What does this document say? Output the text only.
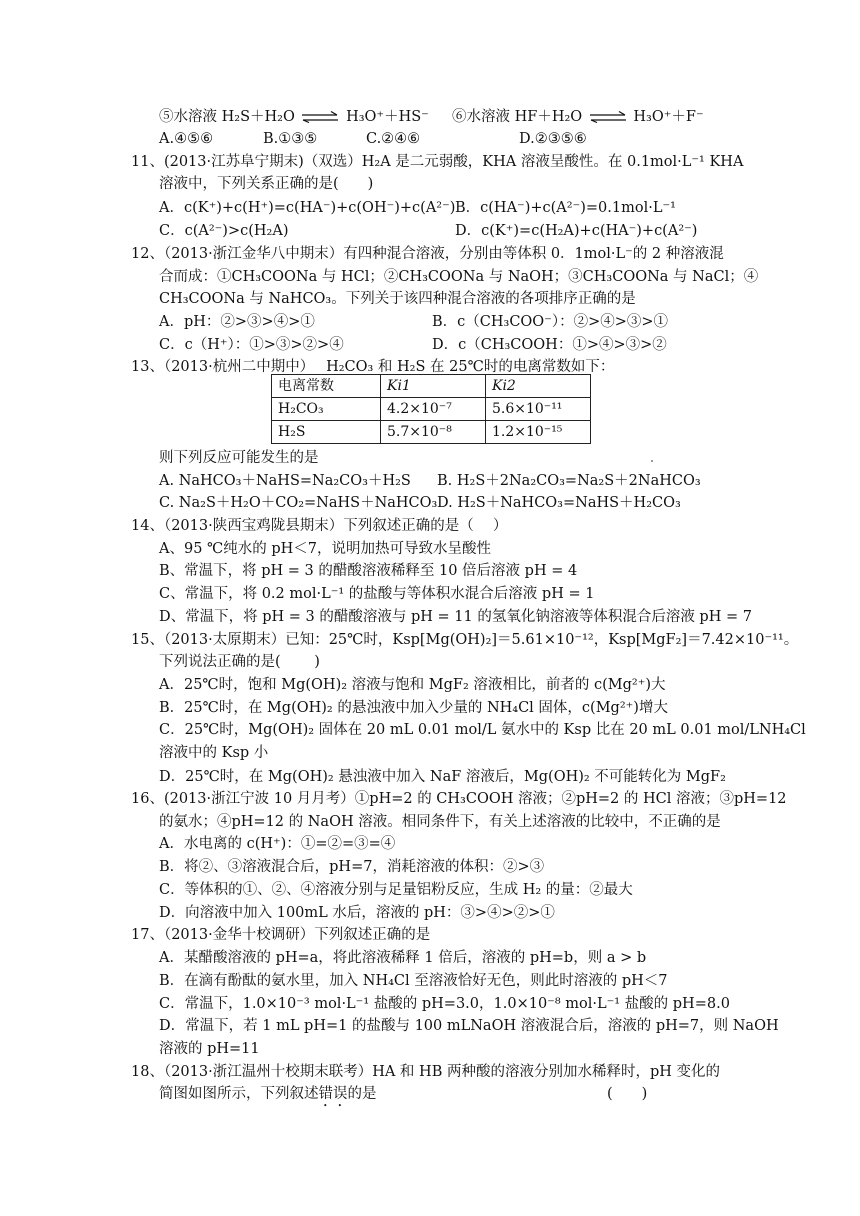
⑤水溶液 H₂S＋H₂O ⇌ H₃O⁺＋HS⁻ ⑥水溶液 HF＋H₂O ⇌ H₃O⁺＋F⁻
A.④⑤⑥	B.①③⑤	C.②④⑥	D.②③⑤⑥
11、(2013·江苏阜宁期末)（双选）H₂A 是二元弱酸，KHA 溶液呈酸性。在 0.1mol·L⁻¹ KHA
溶液中，下列关系正确的是(　　)
A．c(K⁺)+c(H⁺)=c(HA⁻)+c(OH⁻)+c(A²⁻) B．c(HA⁻)+c(A²⁻)=0.1mol·L⁻¹
C．c(A²⁻)>c(H₂A)	D．c(K⁺)=c(H₂A)+c(HA⁻)+c(A²⁻)
12、（2013·浙江金华八中期末）有四种混合溶液，分别由等体积 0．1mol·L⁻的 2 种溶液混
合而成：①CH₃COONa 与 HCl；②CH₃COONa 与 NaOH；③CH₃COONa 与 NaCl；④
CH₃COONa 与 NaHCO₃。下列关于该四种混合溶液的各项排序正确的是
A．pH：②>③>④>①	B．c（CH₃COO⁻）：②>④>③>①
C．c（H⁺）：①>③>②>④	D．c（CH₃COOH：①>④>③>②
13、（2013·杭州二中期中）　 H₂CO₃ 和 H₂S 在 25℃时的电离常数如下：
电离常数	Ki1	Ki2
H₂CO₃	4.2×10⁻⁷	5.6×10⁻¹¹
H₂S	5.7×10⁻⁸	1.2×10⁻¹⁵
则下列反应可能发生的是
A. NaHCO₃＋NaHS=Na₂CO₃＋H₂S B. H₂S＋2Na₂CO₃=Na₂S＋2NaHCO₃
C. Na₂S＋H₂O＋CO₂=NaHS＋NaHCO₃ D. H₂S＋NaHCO₃=NaHS＋H₂CO₃
14、（2013·陕西宝鸡陇县期末）下列叙述正确的是（　 ）
A、95 ℃纯水的 pH＜7，说明加热可导致水呈酸性
B、常温下，将 pH = 3 的醋酸溶液稀释至 10 倍后溶液 pH = 4
C、常温下，将 0.2 mol·L⁻¹ 的盐酸与等体积水混合后溶液 pH = 1
D、常温下，将 pH = 3 的醋酸溶液与 pH = 11 的氢氧化钠溶液等体积混合后溶液 pH = 7
15、（2013·太原期末）已知：25℃时，Ksp[Mg(OH)₂]＝5.61×10⁻¹²，Ksp[MgF₂]＝7.42×10⁻¹¹。
下列说法正确的是(　　 )
A．25℃时，饱和 Mg(OH)₂ 溶液与饱和 MgF₂ 溶液相比，前者的 c(Mg²⁺)大
B．25℃时，在 Mg(OH)₂ 的悬浊液中加入少量的 NH₄Cl 固体，c(Mg²⁺)增大
C．25℃时，Mg(OH)₂ 固体在 20 mL 0.01 mol/L 氨水中的 Ksp 比在 20 mL 0.01 mol/LNH₄Cl
溶液中的 Ksp 小
D．25℃时，在 Mg(OH)₂ 悬浊液中加入 NaF 溶液后，Mg(OH)₂ 不可能转化为 MgF₂
16、(2013·浙江宁波 10 月月考）①pH=2 的 CH₃COOH 溶液；②pH=2 的 HCl 溶液；③pH=12
的氨水；④pH=12 的 NaOH 溶液。相同条件下，有关上述溶液的比较中，不正确的是
A．水电离的 c(H⁺)：①=②=③=④
B．将②、③溶液混合后，pH=7，消耗溶液的体积：②>③
C．等体积的①、②、④溶液分别与足量铝粉反应，生成 H₂ 的量：②最大
D．向溶液中加入 100mL 水后，溶液的 pH：③>④>②>①
17、（2013·金华十校调研）下列叙述正确的是
A．某醋酸溶液的 pH=a，将此溶液稀释 1 倍后，溶液的 pH=b，则 a > b
B．在滴有酚酞的氨水里，加入 NH₄Cl 至溶液恰好无色，则此时溶液的 pH＜7
C．常温下，1.0×10⁻³ mol·L⁻¹ 盐酸的 pH=3.0，1.0×10⁻⁸ mol·L⁻¹ 盐酸的 pH=8.0
D．常温下，若 1 mL pH=1 的盐酸与 100 mLNaOH 溶液混合后，溶液的 pH=7，则 NaOH
溶液的 pH=11
18、（2013·浙江温州十校期末联考）HA 和 HB 两种酸的溶液分别加水稀释时，pH 变化的
简图如图所示，下列叙述错误的是	(　　)
